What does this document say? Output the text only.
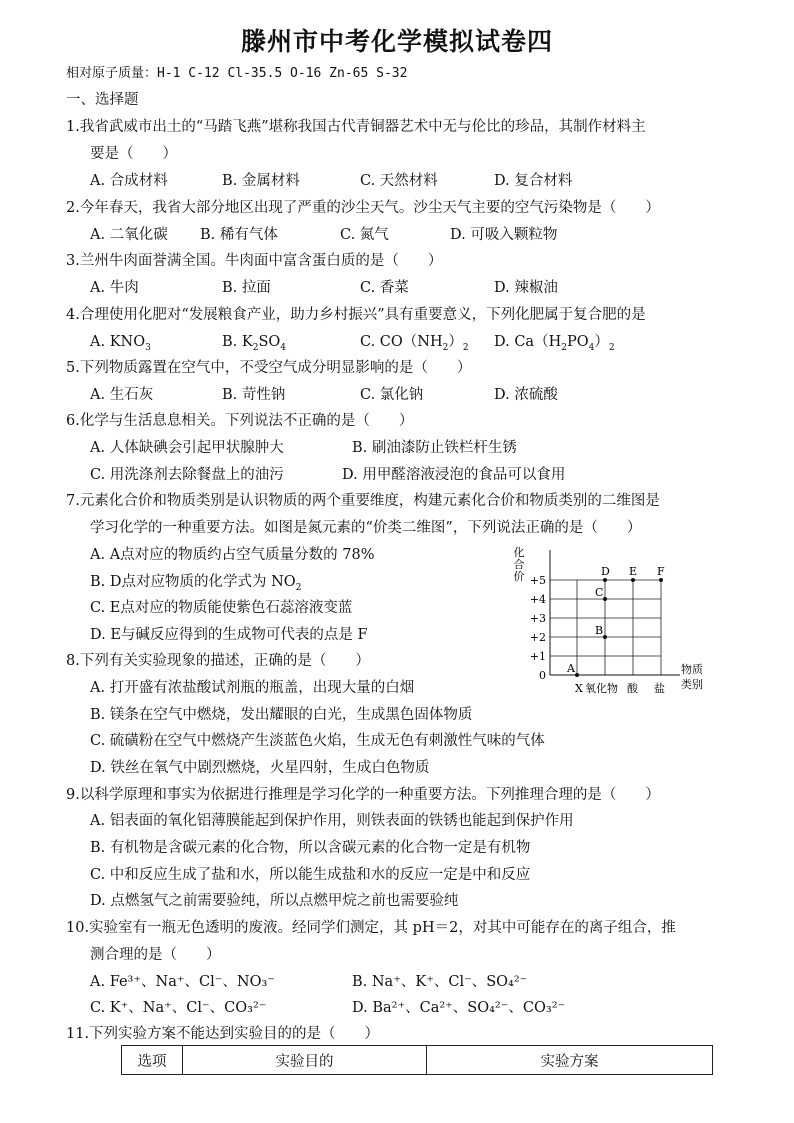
滕州市中考化学模拟试卷四
相对原子质量：H-1 C-12 Cl-35.5 O-16 Zn-65 S-32
一、选择题
1.我省武威市出土的“马踏飞燕”堪称我国古代青铜器艺术中无与伦比的珍品，其制作材料主
要是（　　）
A. 合成材料	B. 金属材料	C. 天然材料	D. 复合材料
2.今年春天，我省大部分地区出现了严重的沙尘天气。沙尘天气主要的空气污染物是（　　）
A. 二氧化碳 B. 稀有气体	C. 氮气	D. 可吸入颗粒物
3.兰州牛肉面誉满全国。牛肉面中富含蛋白质的是（　　）
A. 牛肉	B. 拉面	C. 香菜	D. 辣椒油
4.合理使用化肥对“发展粮食产业，助力乡村振兴”具有重要意义，下列化肥属于复合肥的是
A. $KNO_3$	B. $K_2SO_4$	C. $CO(NH_2)_2$ D. $Ca(H_2PO_4)_2$
5.下列物质露置在空气中，不受空气成分明显影响的是（　　）
A. 生石灰	B. 苛性钠	C. 氯化钠	D. 浓硫酸
6.化学与生活息息相关。下列说法不正确的是（　　）
A. 人体缺碘会引起甲状腺肿大	B. 刷油漆防止铁栏杆生锈
C. 用洗涤剂去除餐盘上的油污	D. 用甲醛溶液浸泡的食品可以食用
7.元素化合价和物质类别是认识物质的两个重要维度，构建元素化合价和物质类别的二维图是
学习化学的一种重要方法。如图是氮元素的“价类二维图”，下列说法正确的是（　　）
A. A点对应的物质约占空气质量分数的 78%
B. D点对应物质的化学式为 $NO_2$
C. E点对应的物质能使紫色石蕊溶液变蓝
D. E与碱反应得到的生成物可代表的点是 F
0
+1
+2
+3
+4
+5
化
合
价
X 氧化物 酸 盐
物质
类别
A
B
C
D E F
8.下列有关实验现象的描述，正确的是（　　）
A. 打开盛有浓盐酸试剂瓶的瓶盖，出现大量的白烟
B. 镁条在空气中燃烧，发出耀眼的白光，生成黑色固体物质
C. 硫磺粉在空气中燃烧产生淡蓝色火焰，生成无色有刺激性气味的气体
D. 铁丝在氧气中剧烈燃烧，火星四射，生成白色物质
9.以科学原理和事实为依据进行推理是学习化学的一种重要方法。下列推理合理的是（　　）
A. 铝表面的氧化铝薄膜能起到保护作用，则铁表面的铁锈也能起到保护作用
B. 有机物是含碳元素的化合物，所以含碳元素的化合物一定是有机物
C. 中和反应生成了盐和水，所以能生成盐和水的反应一定是中和反应
D. 点燃氢气之前需要验纯，所以点燃甲烷之前也需要验纯
10.实验室有一瓶无色透明的废液。经同学们测定，其 pH＝2，对其中可能存在的离子组合，推
测合理的是（　　）
A. Fe³⁺、Na⁺、Cl⁻、NO₃⁻	B. Na⁺、K⁺、Cl⁻、SO₄²⁻
C. K⁺、Na⁺、Cl⁻、CO₃²⁻	D. Ba²⁺、Ca²⁺、SO₄²⁻、CO₃²⁻
11.下列实验方案不能达到实验目的的是（　　）
选项	实验目的	实验方案
